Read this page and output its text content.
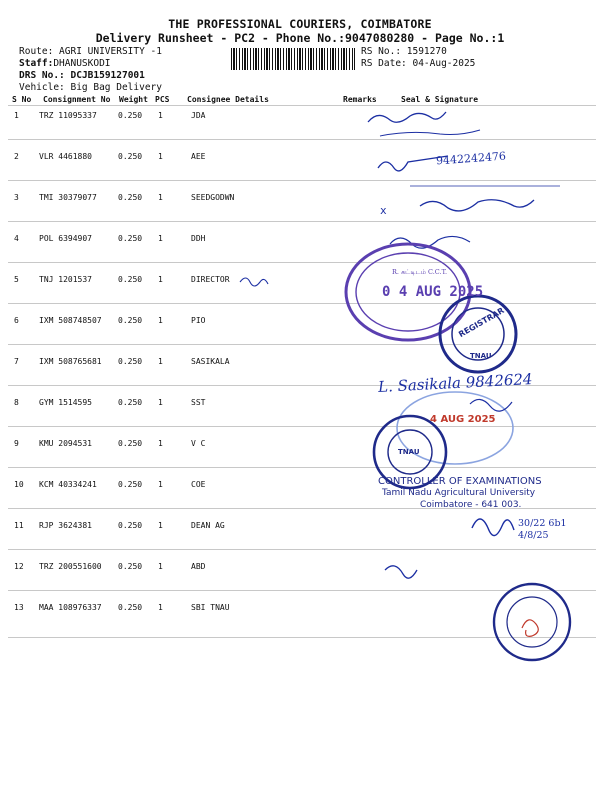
THE PROFESSIONAL COURIERS, COIMBATORE
Delivery Runsheet - PC2 - Phone No.:9047080280 - Page No.:1
Route: AGRI UNIVERSITY -1
Staff:DHANUSKODI
DRS No.: DCJB159127001
Vehicle: Big Bag Delivery
RS No.: 1591270
RS Date: 04-Aug-2025
S No Consignment No Weight PCS Consignee Details	Remarks	Seal & Signature
1	TRZ 11095337	0.250 1	JDA
2	VLR 4461880	0.250 1	AEE
3	TMI 30379077	0.250 1	SEEDGODWN
4	POL 6394907	0.250 1	DDH
5	TNJ 1201537	0.250 1	DIRECTOR
6	IXM 508748507 0.250 1	PIO
7	IXM 508765681 0.250 1	SASIKALA
8	GYM 1514595	0.250 1	SST
9	KMU 2094531	0.250 1	V C
10 KCM 40334241	0.250 1	COE
11 RJP 3624381	0.250 1	DEAN AG
12 TRZ 200551600 0.250 1	ABD
13 MAA 108976337 0.250 1	SBI TNAU
x
9442242476
R. கட்டிடம் C.C.T.
0 4 AUG 2025
REGISTRAR
TNAU
L. Sasikala 9842624
4 AUG 2025
TNAU
CONTROLLER OF EXAMINATIONS
Tamil Nadu Agricultural University
Coimbatore - 641 003.
30/22 6b1
4/8/25
